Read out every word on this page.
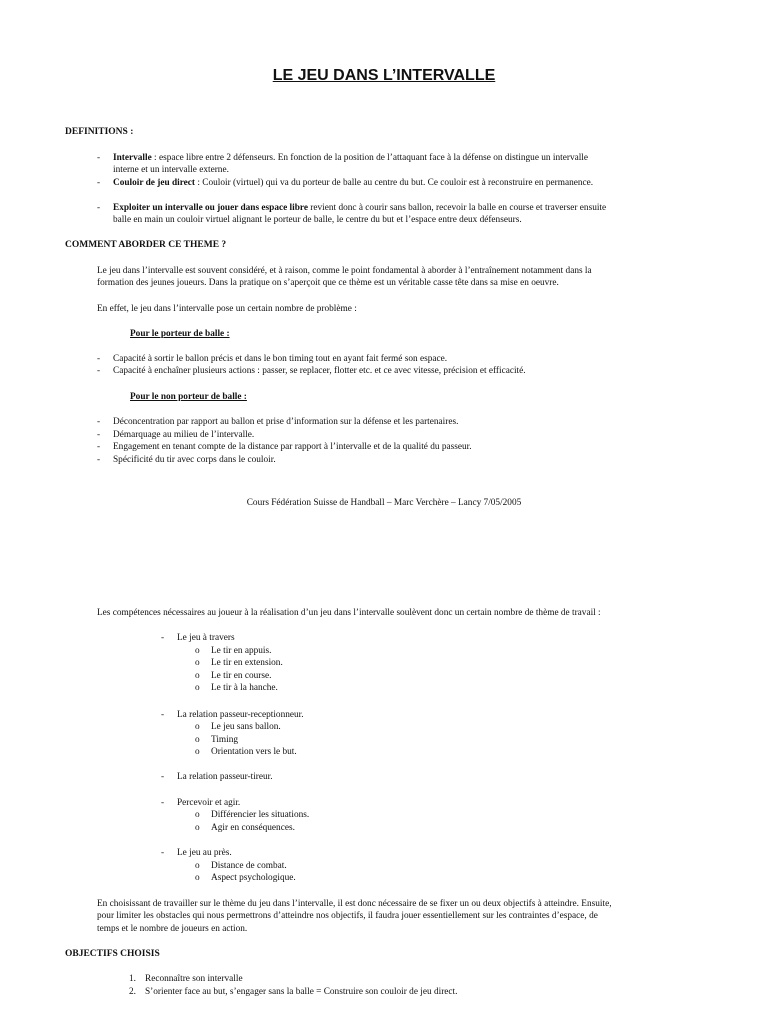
LE JEU DANS L’INTERVALLE
DEFINITIONS :
- Intervalle : espace libre entre 2 défenseurs. En fonction de la position de l’attaquant face à la défense on distingue un intervalle
interne et un intervalle externe.
- Couloir de jeu direct : Couloir (virtuel) qui va du porteur de balle au centre du but. Ce couloir est à reconstruire en permanence.
- Exploiter un intervalle ou jouer dans espace libre revient donc à courir sans ballon, recevoir la balle en course et traverser ensuite
balle en main un couloir virtuel alignant le porteur de balle, le centre du but et l’espace entre deux défenseurs.
COMMENT ABORDER CE THEME ?
Le jeu dans l’intervalle est souvent considéré, et à raison, comme le point fondamental à aborder à l’entraînement notamment dans la
formation des jeunes joueurs. Dans la pratique on s’aperçoit que ce thème est un véritable casse tête dans sa mise en oeuvre.
En effet, le jeu dans l’intervalle pose un certain nombre de problème :
Pour le porteur de balle :
- Capacité à sortir le ballon précis et dans le bon timing tout en ayant fait fermé son espace.
- Capacité à enchaîner plusieurs actions : passer, se replacer, flotter etc. et ce avec vitesse, précision et efficacité.
Pour le non porteur de balle :
- Déconcentration par rapport au ballon et prise d’information sur la défense et les partenaires.
- Démarquage au milieu de l’intervalle.
- Engagement en tenant compte de la distance par rapport à l’intervalle et de la qualité du passeur.
- Spécificité du tir avec corps dans le couloir.
Cours Fédération Suisse de Handball – Marc Verchère – Lancy 7/05/2005
Les compétences nécessaires au joueur à la réalisation d’un jeu dans l’intervalle soulèvent donc un certain nombre de thème de travail :
- Le jeu à travers
o Le tir en appuis.
o Le tir en extension.
o Le tir en course.
o Le tir à la hanche.
- La relation passeur-receptionneur.
o Le jeu sans ballon.
o Timing
o Orientation vers le but.
- La relation passeur-tireur.
- Percevoir et agir.
o Différencier les situations.
o Agir en conséquences.
- Le jeu au près.
o Distance de combat.
o Aspect psychologique.
En choisissant de travailler sur le thème du jeu dans l’intervalle, il est donc nécessaire de se fixer un ou deux objectifs à atteindre. Ensuite,
pour limiter les obstacles qui nous permettrons d’atteindre nos objectifs, il faudra jouer essentiellement sur les contraintes d’espace, de
temps et le nombre de joueurs en action.
OBJECTIFS CHOISIS
1. Reconnaître son intervalle
2. S’orienter face au but, s’engager sans la balle = Construire son couloir de jeu direct.
